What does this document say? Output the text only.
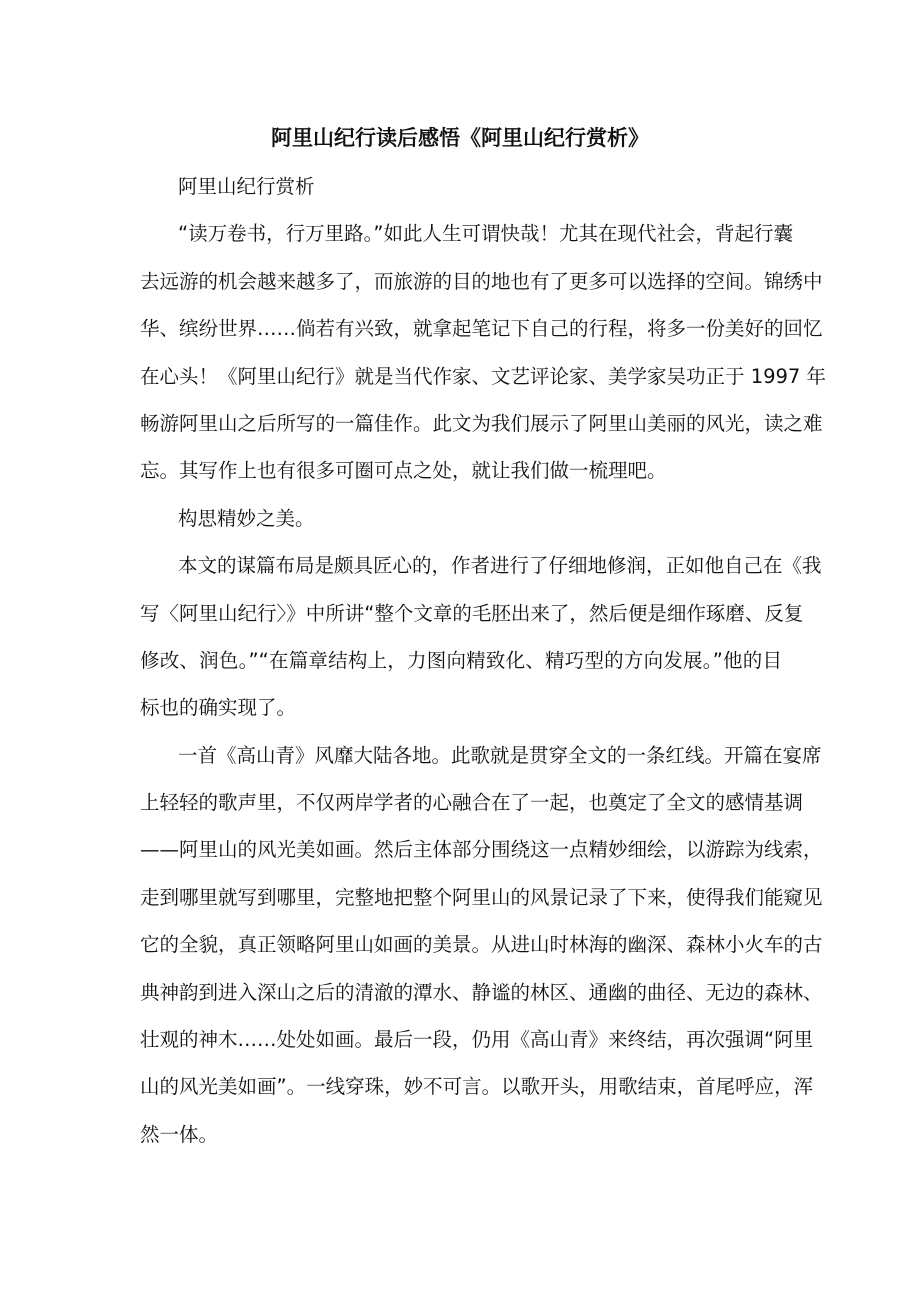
阿里山纪行读后感悟《阿里山纪行赏析》
阿里山纪行赏析
“读万卷书，行万里路。”如此人生可谓快哉！尤其在现代社会，背起行囊
去远游的机会越来越多了，而旅游的目的地也有了更多可以选择的空间。锦绣中
华、缤纷世界……倘若有兴致，就拿起笔记下自己的行程，将多一份美好的回忆
在心头！《阿里山纪行》就是当代作家、文艺评论家、美学家吴功正于 1997 年
畅游阿里山之后所写的一篇佳作。此文为我们展示了阿里山美丽的风光，读之难
忘。其写作上也有很多可圈可点之处，就让我们做一梳理吧。
构思精妙之美。
本文的谋篇布局是颇具匠心的，作者进行了仔细地修润，正如他自己在《我
写〈阿里山纪行〉》中所讲“整个文章的毛胚出来了，然后便是细作琢磨、反复
修改、润色。”“在篇章结构上，力图向精致化、精巧型的方向发展。”他的目
标也的确实现了。
一首《高山青》风靡大陆各地。此歌就是贯穿全文的一条红线。开篇在宴席
上轻轻的歌声里，不仅两岸学者的心融合在了一起，也奠定了全文的感情基调
——阿里山的风光美如画。然后主体部分围绕这一点精妙细绘，以游踪为线索，
走到哪里就写到哪里，完整地把整个阿里山的风景记录了下来，使得我们能窥见
它的全貌，真正领略阿里山如画的美景。从进山时林海的幽深、森林小火车的古
典神韵到进入深山之后的清澈的潭水、静谧的林区、通幽的曲径、无边的森林、
壮观的神木……处处如画。最后一段，仍用《高山青》来终结，再次强调“阿里
山的风光美如画”。一线穿珠，妙不可言。以歌开头，用歌结束，首尾呼应，浑
然一体。
